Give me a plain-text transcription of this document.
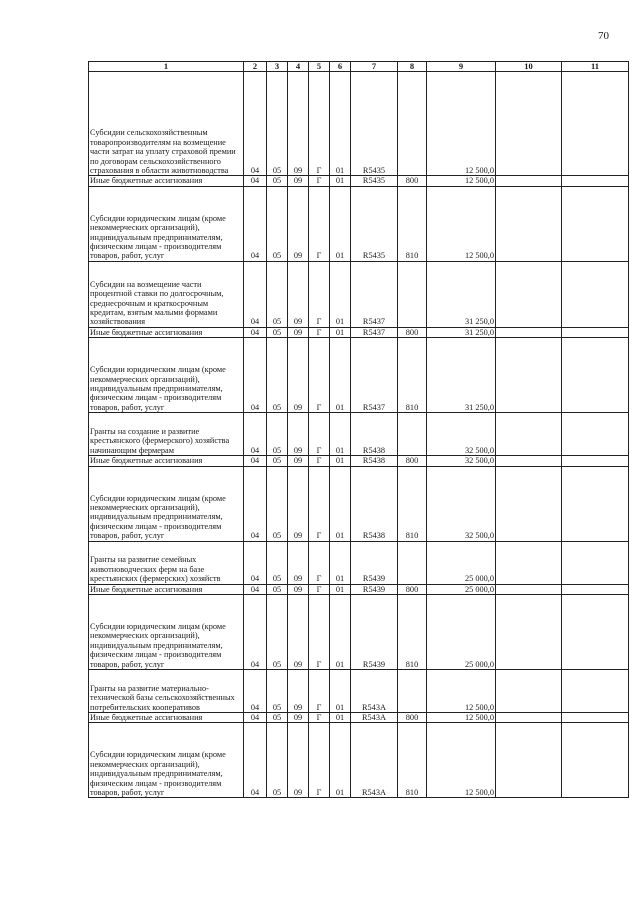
70
1	2	3	4	5	6	7	8	9	10	11
Субсидии сельскохозяйственным товаропроизводителям на возмещение части затрат на уплату страховой премии по договорам сельскохозяйственного страхования в области животноводства	04	05	09	Г	01	R5435		12 500,0		
Иные бюджетные ассигнования	04	05	09	Г	01	R5435	800	12 500,0		
Субсидии юридическим лицам (кроме некоммерческих организаций), индивидуальным предпринимателям, физическим лицам - производителям товаров, работ, услуг	04	05	09	Г	01	R5435	810	12 500,0		
Субсидии на возмещение части процентной ставки по долгосрочным, среднесрочным и краткосрочным кредитам, взятым малыми формами хозяйствования	04	05	09	Г	01	R5437		31 250,0		
Иные бюджетные ассигнования	04	05	09	Г	01	R5437	800	31 250,0		
Субсидии юридическим лицам (кроме некоммерческих организаций), индивидуальным предпринимателям, физическим лицам - производителям товаров, работ, услуг	04	05	09	Г	01	R5437	810	31 250,0		
Гранты на создание и развитие крестьянского (фермерского) хозяйства начинающим фермерам	04	05	09	Г	01	R5438		32 500,0		
Иные бюджетные ассигнования	04	05	09	Г	01	R5438	800	32 500,0		
Субсидии юридическим лицам (кроме некоммерческих организаций), индивидуальным предпринимателям, физическим лицам - производителям товаров, работ, услуг	04	05	09	Г	01	R5438	810	32 500,0		
Гранты на развитие семейных животноводческих ферм на базе крестьянских (фермерских) хозяйств	04	05	09	Г	01	R5439		25 000,0		
Иные бюджетные ассигнования	04	05	09	Г	01	R5439	800	25 000,0		
Субсидии юридическим лицам (кроме некоммерческих организаций), индивидуальным предпринимателям, физическим лицам - производителям товаров, работ, услуг	04	05	09	Г	01	R5439	810	25 000,0		
Гранты на развитие материально-технической базы сельскохозяйственных потребительских кооперативов	04	05	09	Г	01	R543A		12 500,0		
Иные бюджетные ассигнования	04	05	09	Г	01	R543A	800	12 500,0		
Субсидии юридическим лицам (кроме некоммерческих организаций), индивидуальным предпринимателям, физическим лицам - производителям товаров, работ, услуг	04	05	09	Г	01	R543A	810	12 500,0		
